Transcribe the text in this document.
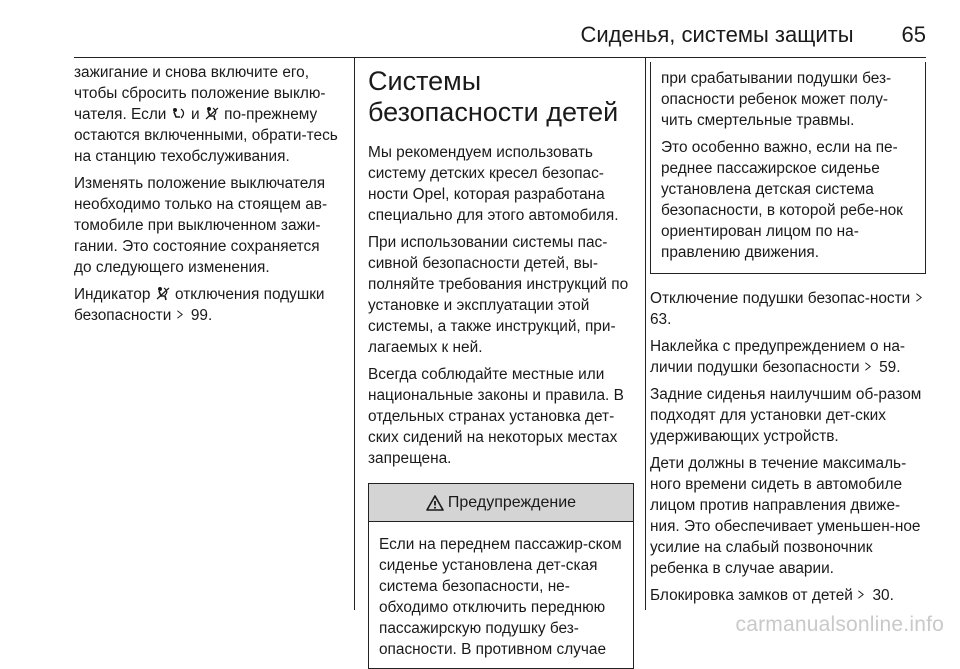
Сиденья, системы защиты 65

зажигание и снова включите его, чтобы сбросить положение выклю-чателя. Если  и  по-прежнему остаются включенными, обрати-тесь на станцию техобслуживания.

Изменять положение выключателя необходимо только на стоящем ав-томобиле при выключенном зажи-гании. Это состояние сохраняется до следующего изменения.

Индикатор  отключения подушки безопасности  99.

Системы безопасности детей

Мы рекомендуем использовать систему детских кресел безопас-ности Opel, которая разработана специально для этого автомобиля.

При использовании системы пас-сивной безопасности детей, вы-полняйте требования инструкций по установке и эксплуатации этой системы, а также инструкций, при-лагаемых к ней.

Всегда соблюдайте местные или национальные законы и правила. В отдельных странах установка дет-ских сидений на некоторых местах запрещена.

Предупреждение
Если на переднем пассажир-ском сиденье установлена дет-ская система безопасности, не-обходимо отключить переднюю пассажирскую подушку без-опасности. В противном случае

при срабатывании подушки без-опасности ребенок может полу-чить смертельные травмы.

Это особенно важно, если на пе-реднее пассажирское сиденье установлена детская система безопасности, в которой ребе-нок ориентирован лицом по на-правлению движения.

Отключение подушки безопас-ности  63.

Наклейка с предупреждением о на-личии подушки безопасности  59.

Задние сиденья наилучшим об-разом подходят для установки дет-ских удерживающих устройств.

Дети должны в течение максималь-ного времени сидеть в автомобиле лицом против направления движе-ния. Это обеспечивает уменьшен-ное усилие на слабый позвоночник ребенка в случае аварии.

Блокировка замков от детей  30.

carmanualsonline.info
